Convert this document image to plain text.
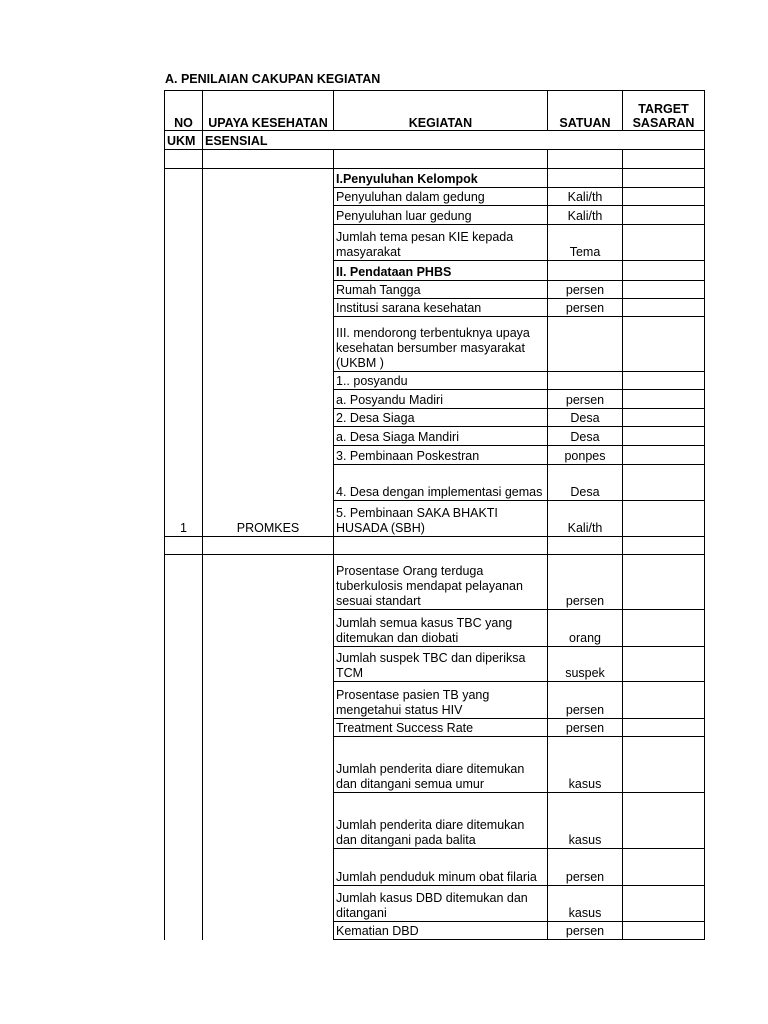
A. PENILAIAN CAKUPAN KEGIATAN
NO	UPAYA KESEHATAN	KEGIATAN	SATUAN	TARGET SASARAN
UKM	ESENSIAL			

1	PROMKES	I.Penyuluhan Kelompok		
		Penyuluhan dalam gedung	Kali/th	
		Penyuluhan luar gedung	Kali/th	
		Jumlah tema pesan KIE kepada masyarakat	Tema	
		II. Pendataan PHBS		
		Rumah Tangga	persen	
		Institusi sarana kesehatan	persen	
		III. mendorong terbentuknya upaya kesehatan bersumber masyarakat (UKBM )		
		1.. posyandu		
		a. Posyandu Madiri	persen	
		2. Desa Siaga	Desa	
		a. Desa Siaga Mandiri	Desa	
		3. Pembinaan Poskestran	ponpes	
		4. Desa dengan implementasi gemas	Desa	
		5. Pembinaan SAKA BHAKTI HUSADA (SBH)	Kali/th	

		Prosentase Orang terduga tuberkulosis mendapat pelayanan sesuai standart	persen	
		Jumlah semua kasus TBC yang ditemukan dan diobati	orang	
		Jumlah suspek TBC dan diperiksa TCM	suspek	
		Prosentase pasien TB yang mengetahui status HIV	persen	
		Treatment Success Rate	persen	
		Jumlah penderita diare ditemukan dan ditangani semua umur	kasus	
		Jumlah penderita diare ditemukan dan ditangani pada balita	kasus	
		Jumlah penduduk minum obat filaria	persen	
		Jumlah kasus DBD ditemukan dan ditangani	kasus	
		Kematian DBD	persen	
